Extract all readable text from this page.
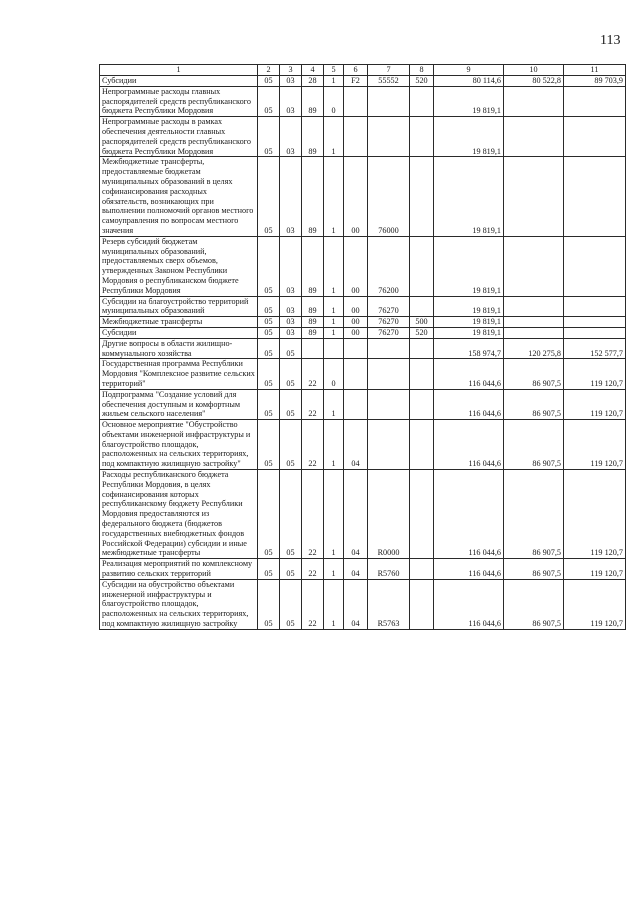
113
1	2	3	4	5	6	7	8	9	10	11
Субсидии	05	03	28	1	F2	55552	520	80 114,6	80 522,8	89 703,9
Непрограммные расходы главных распорядителей средств республиканского бюджета Республики Мордовия	05	03	89	0				19 819,1		
Непрограммные расходы в рамках обеспечения деятельности главных распорядителей средств республиканского бюджета Республики Мордовия	05	03	89	1				19 819,1		
Межбюджетные трансферты, предоставляемые бюджетам муниципальных образований в целях софинансирования расходных обязательств, возникающих при выполнении полномочий органов местного самоуправления по вопросам местного значения	05	03	89	1	00	76000		19 819,1		
Резерв субсидий бюджетам муниципальных образований, предоставляемых сверх объемов, утвержденных Законом Республики Мордовия о республиканском бюджете Республики Мордовия	05	03	89	1	00	76200		19 819,1		
Субсидии на благоустройство территорий муниципальных образований	05	03	89	1	00	76270		19 819,1		
Межбюджетные трансферты	05	03	89	1	00	76270	500	19 819,1		
Субсидии	05	03	89	1	00	76270	520	19 819,1		
Другие вопросы в области жилищно-коммунального хозяйства	05	05						158 974,7	120 275,8	152 577,7
Государственная программа Республики Мордовия "Комплексное развитие сельских территорий"	05	05	22	0				116 044,6	86 907,5	119 120,7
Подпрограмма "Создание условий для обеспечения доступным и комфортным жильем сельского населения"	05	05	22	1				116 044,6	86 907,5	119 120,7
Основное мероприятие "Обустройство объектами инженерной инфраструктуры и благоустройство площадок, расположенных на сельских территориях, под компактную жилищную застройку"	05	05	22	1	04			116 044,6	86 907,5	119 120,7
Расходы республиканского бюджета Республики Мордовия, в целях софинансирования которых республиканскому бюджету Республики Мордовия предоставляются из федерального бюджета (бюджетов государственных внебюджетных фондов Российской Федерации) субсидии и иные межбюджетные трансферты	05	05	22	1	04	R0000		116 044,6	86 907,5	119 120,7
Реализация мероприятий по комплексному развитию сельских территорий	05	05	22	1	04	R5760		116 044,6	86 907,5	119 120,7
Субсидии на обустройство объектами инженерной инфраструктуры и благоустройство площадок, расположенных на сельских территориях, под компактную жилищную застройку	05	05	22	1	04	R5763		116 044,6	86 907,5	119 120,7
